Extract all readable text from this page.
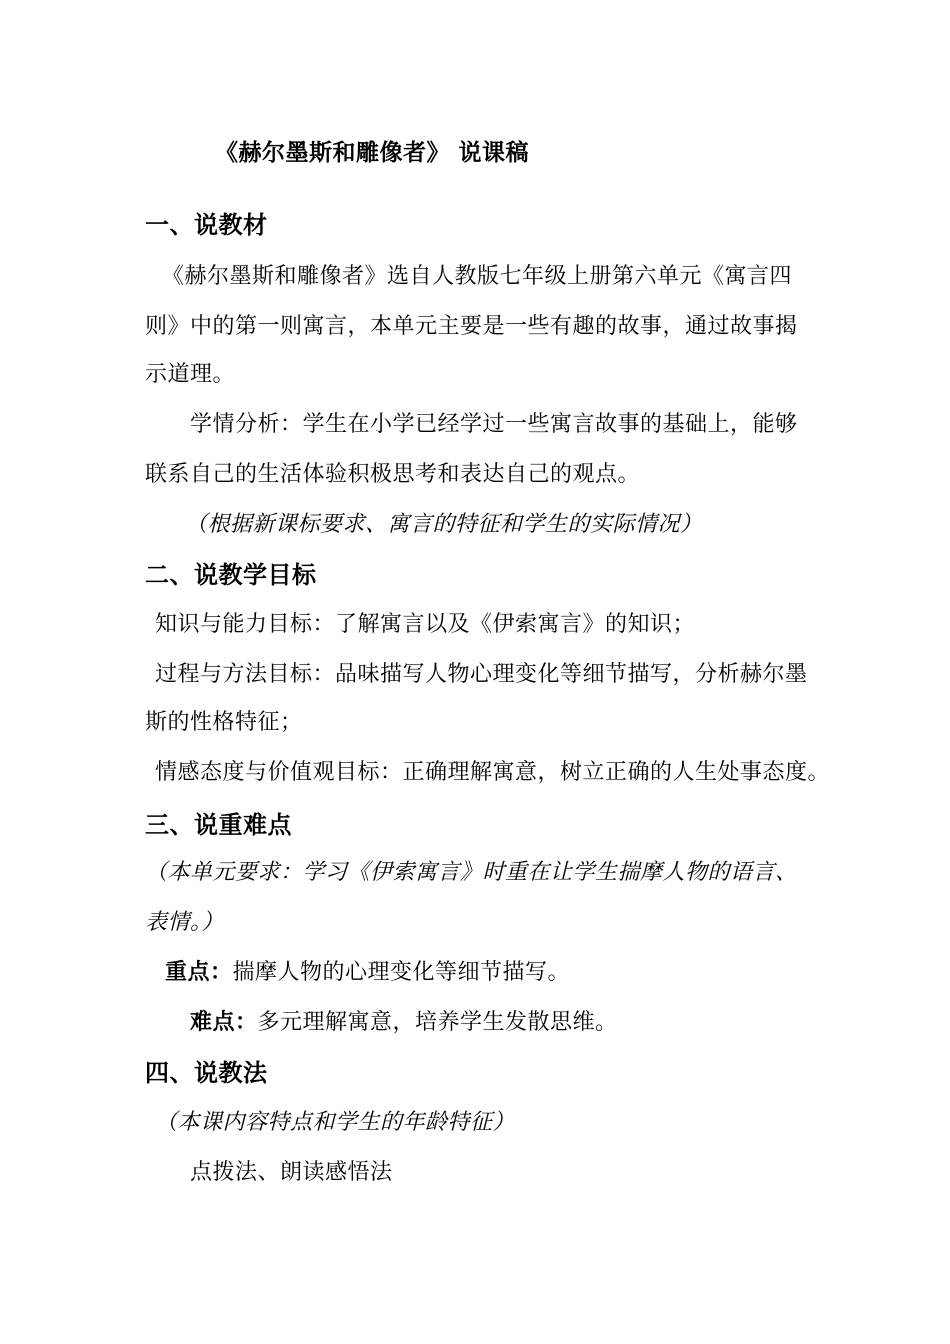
《赫尔墨斯和雕像者》 说课稿
一、说教材
《赫尔墨斯和雕像者》选自人教版七年级上册第六单元《寓言四
则》中的第一则寓言，本单元主要是一些有趣的故事，通过故事揭
示道理。
学情分析：学生在小学已经学过一些寓言故事的基础上，能够
联系自己的生活体验积极思考和表达自己的观点。
（根据新课标要求、寓言的特征和学生的实际情况）
二、说教学目标
知识与能力目标：了解寓言以及《伊索寓言》的知识；
过程与方法目标：品味描写人物心理变化等细节描写，分析赫尔墨
斯的性格特征；
情感态度与价值观目标：正确理解寓意，树立正确的人生处事态度。
三、说重难点
（本单元要求：学习《伊索寓言》时重在让学生揣摩人物的语言、
表情。）
重点：揣摩人物的心理变化等细节描写。
难点：多元理解寓意，培养学生发散思维。
四、说教法
（本课内容特点和学生的年龄特征）
点拨法、朗读感悟法
